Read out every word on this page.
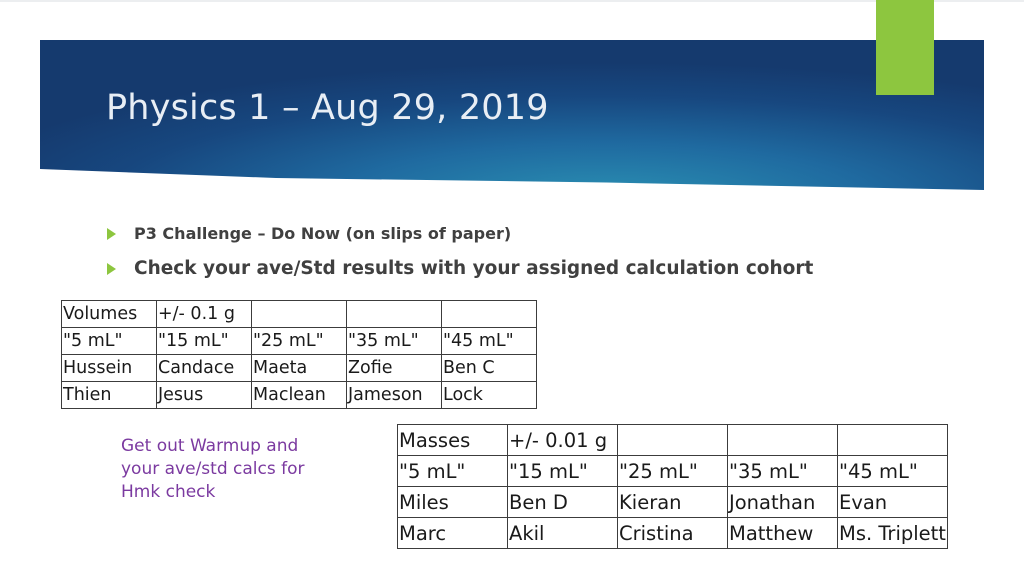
Physics 1 – Aug 29, 2019
P3 Challenge – Do Now (on slips of paper)
Check your ave/Std results with your assigned calculation cohort
Volumes	+/- 0.1 g			
"5 mL"	"15 mL"	"25 mL"	"35 mL"	"45 mL"
Hussein	Candace	Maeta	Zofie	Ben C
Thien	Jesus	Maclean	Jameson	Lock
Get out Warmup and your ave/std calcs for Hmk check
Masses	+/- 0.01 g			
"5 mL"	"15 mL"	"25 mL"	"35 mL"	"45 mL"
Miles	Ben D	Kieran	Jonathan	Evan
Marc	Akil	Cristina	Matthew	Ms. Triplett
